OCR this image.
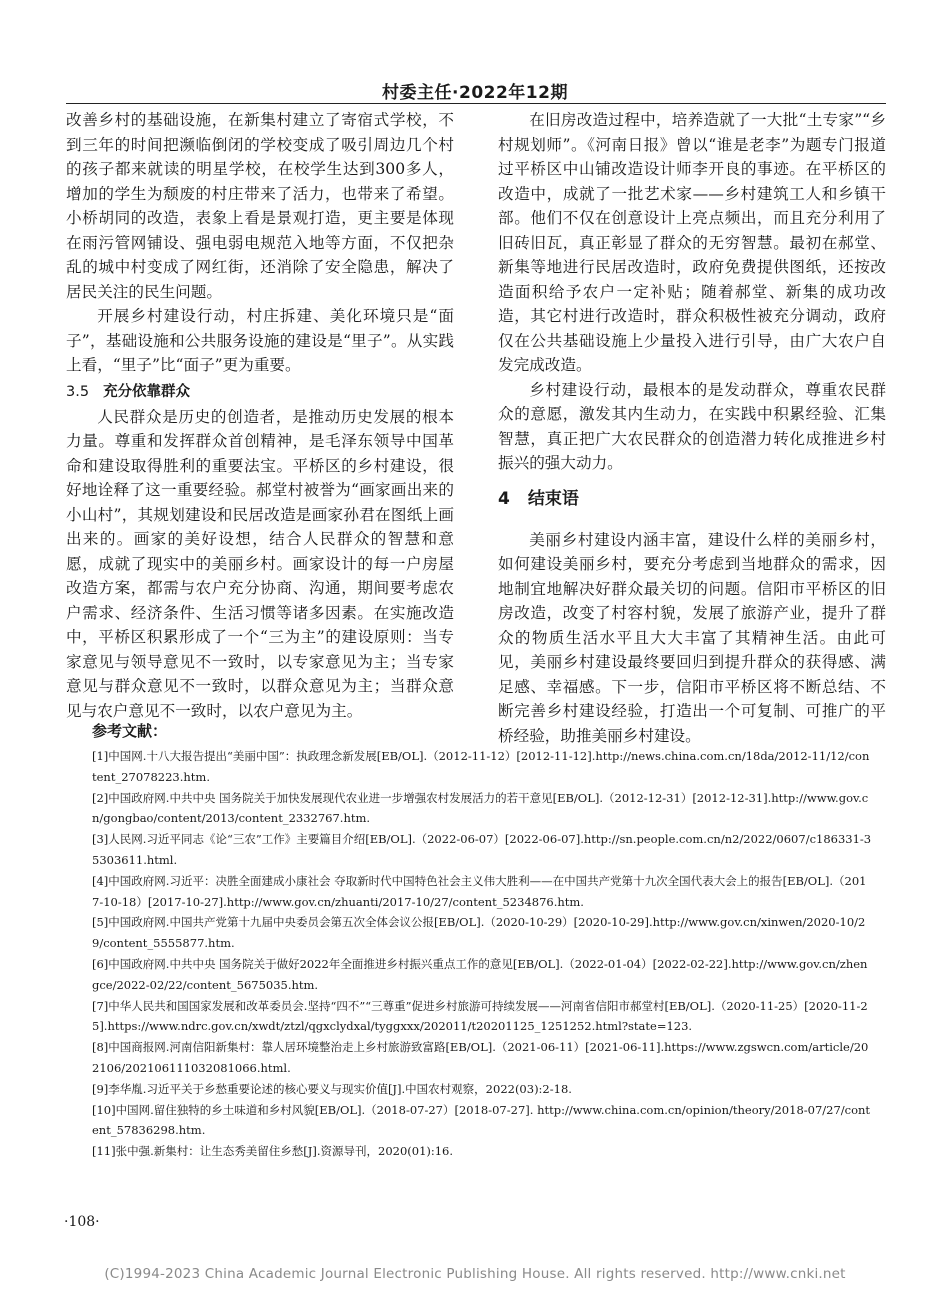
村委主任·2022年12期

改善乡村的基础设施，在新集村建立了寄宿式学校，不到三年的时间把濒临倒闭的学校变成了吸引周边几个村的孩子都来就读的明星学校，在校学生达到300多人，增加的学生为颓废的村庄带来了活力，也带来了希望。小桥胡同的改造，表象上看是景观打造，更主要是体现在雨污管网铺设、强电弱电规范入地等方面，不仅把杂乱的城中村变成了网红街，还消除了安全隐患，解决了居民关注的民生问题。

开展乡村建设行动，村庄拆建、美化环境只是“面子”，基础设施和公共服务设施的建设是“里子”。从实践上看，“里子”比“面子”更为重要。

3.5 充分依靠群众

人民群众是历史的创造者，是推动历史发展的根本力量。尊重和发挥群众首创精神，是毛泽东领导中国革命和建设取得胜利的重要法宝。平桥区的乡村建设，很好地诠释了这一重要经验。郝堂村被誉为“画家画出来的小山村”，其规划建设和民居改造是画家孙君在图纸上画出来的。画家的美好设想，结合人民群众的智慧和意愿，成就了现实中的美丽乡村。画家设计的每一户房屋改造方案，都需与农户充分协商、沟通，期间要考虑农户需求、经济条件、生活习惯等诸多因素。在实施改造中，平桥区积累形成了一个“三为主”的建设原则：当专家意见与领导意见不一致时，以专家意见为主；当专家意见与群众意见不一致时，以群众意见为主；当群众意见与农户意见不一致时，以农户意见为主。

在旧房改造过程中，培养造就了一大批“土专家”“乡村规划师”。《河南日报》曾以“谁是老李”为题专门报道过平桥区中山铺改造设计师李开良的事迹。在平桥区的改造中，成就了一批艺术家——乡村建筑工人和乡镇干部。他们不仅在创意设计上亮点频出，而且充分利用了旧砖旧瓦，真正彰显了群众的无穷智慧。最初在郝堂、新集等地进行民居改造时，政府免费提供图纸，还按改造面积给予农户一定补贴；随着郝堂、新集的成功改造，其它村进行改造时，群众积极性被充分调动，政府仅在公共基础设施上少量投入进行引导，由广大农户自发完成改造。

乡村建设行动，最根本的是发动群众，尊重农民群众的意愿，激发其内生动力，在实践中积累经验、汇集智慧，真正把广大农民群众的创造潜力转化成推进乡村振兴的强大动力。

4 结束语

美丽乡村建设内涵丰富，建设什么样的美丽乡村，如何建设美丽乡村，要充分考虑到当地群众的需求，因地制宜地解决好群众最关切的问题。信阳市平桥区的旧房改造，改变了村容村貌，发展了旅游产业，提升了群众的物质生活水平且大大丰富了其精神生活。由此可见，美丽乡村建设最终要回归到提升群众的获得感、满足感、幸福感。下一步，信阳市平桥区将不断总结、不断完善乡村建设经验，打造出一个可复制、可推广的平桥经验，助推美丽乡村建设。

参考文献：

[1]中国网.十八大报告提出“美丽中国”：执政理念新发展[EB/OL].（2012-11-12）[2012-11-12].http://news.china.com.cn/18da/2012-11/12/content_27078223.htm.

[2]中国政府网.中共中央 国务院关于加快发展现代农业进一步增强农村发展活力的若干意见[EB/OL].（2012-12-31）[2012-12-31].http://www.gov.cn/gongbao/content/2013/content_2332767.htm.

[3]人民网.习近平同志《论“三农”工作》主要篇目介绍[EB/OL].（2022-06-07）[2022-06-07].http://sn.people.com.cn/n2/2022/0607/c186331-35303611.html.

[4]中国政府网.习近平：决胜全面建成小康社会 夺取新时代中国特色社会主义伟大胜利——在中国共产党第十九次全国代表大会上的报告[EB/OL].（2017-10-18）[2017-10-27].http://www.gov.cn/zhuanti/2017-10/27/content_5234876.htm.

[5]中国政府网.中国共产党第十九届中央委员会第五次全体会议公报[EB/OL].（2020-10-29）[2020-10-29].http://www.gov.cn/xinwen/2020-10/29/content_5555877.htm.

[6]中国政府网.中共中央 国务院关于做好2022年全面推进乡村振兴重点工作的意见[EB/OL].（2022-01-04）[2022-02-22].http://www.gov.cn/zhengce/2022-02/22/content_5675035.htm.

[7]中华人民共和国国家发展和改革委员会.坚持“四不”“三尊重”促进乡村旅游可持续发展——河南省信阳市郝堂村[EB/OL].（2020-11-25）[2020-11-25].https://www.ndrc.gov.cn/xwdt/ztzl/qgxclydxal/tyggxxx/202011/t20201125_1251252.html?state=123.

[8]中国商报网.河南信阳新集村：靠人居环境整治走上乡村旅游致富路[EB/OL].（2021-06-11）[2021-06-11].https://www.zgswcn.com/article/202106/202106111032081066.html.

[9]李华胤.习近平关于乡愁重要论述的核心要义与现实价值[J].中国农村观察，2022(03):2-18.

[10]中国网.留住独特的乡土味道和乡村风貌[EB/OL].（2018-07-27）[2018-07-27]. http://www.china.com.cn/opinion/theory/2018-07/27/content_57836298.htm.

[11]张中强.新集村：让生态秀美留住乡愁[J].资源导刊，2020(01):16.

·108·
(C)1994-2023 China Academic Journal Electronic Publishing House. All rights reserved. http://www.cnki.net
